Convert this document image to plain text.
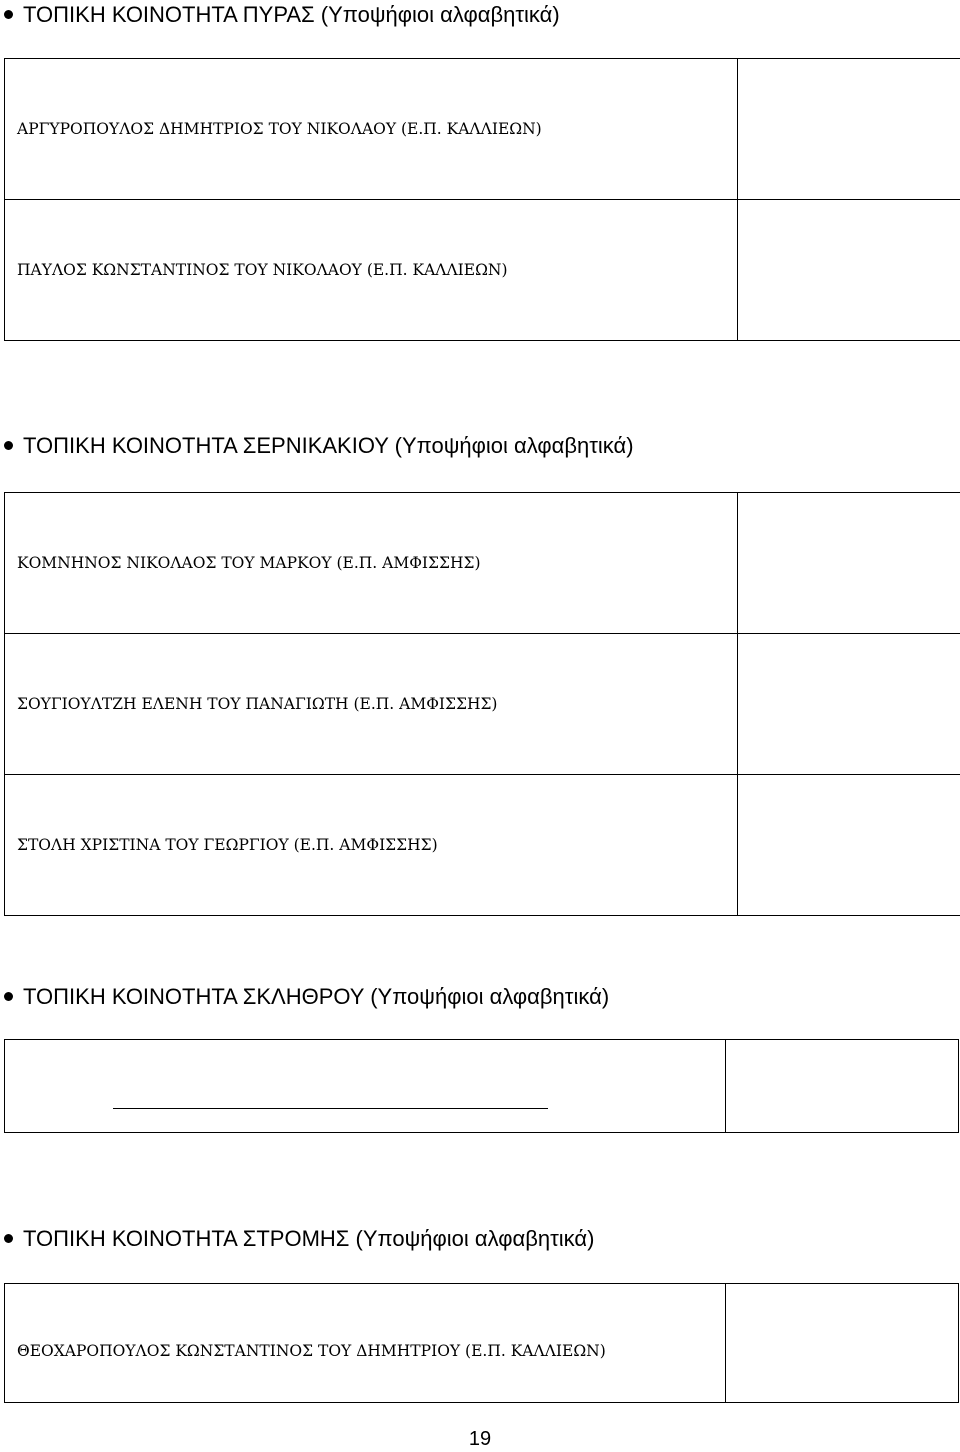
ΤΟΠΙΚΗ ΚΟΙΝΟΤΗΤΑ ΠΥΡΑΣ (Υποψήφιοι αλφαβητικά)
ΑΡΓΥΡΟΠΟΥΛΟΣ ΔΗΜΗΤΡΙΟΣ ΤΟΥ ΝΙΚΟΛΑΟΥ (Ε.Π. ΚΑΛΛΙΕΩΝ)	
ΠΑΥΛΟΣ ΚΩΝΣΤΑΝΤΙΝΟΣ ΤΟΥ ΝΙΚΟΛΑΟΥ (Ε.Π. ΚΑΛΛΙΕΩΝ)	
ΤΟΠΙΚΗ ΚΟΙΝΟΤΗΤΑ ΣΕΡΝΙΚΑΚΙΟΥ (Υποψήφιοι αλφαβητικά)
ΚΟΜΝΗΝΟΣ ΝΙΚΟΛΑΟΣ ΤΟΥ ΜΑΡΚΟΥ (Ε.Π. ΑΜΦΙΣΣΗΣ)	
ΣΟΥΓΙΟΥΛΤΖΗ ΕΛΕΝΗ ΤΟΥ ΠΑΝΑΓΙΩΤΗ (Ε.Π. ΑΜΦΙΣΣΗΣ)	
ΣΤΟΛΗ ΧΡΙΣΤΙΝΑ ΤΟΥ ΓΕΩΡΓΙΟΥ (Ε.Π. ΑΜΦΙΣΣΗΣ)	
ΤΟΠΙΚΗ ΚΟΙΝΟΤΗΤΑ ΣΚΛΗΘΡΟΥ (Υποψήφιοι αλφαβητικά)

ΤΟΠΙΚΗ ΚΟΙΝΟΤΗΤΑ ΣΤΡΟΜΗΣ (Υποψήφιοι αλφαβητικά)
ΘΕΟΧΑΡΟΠΟΥΛΟΣ ΚΩΝΣΤΑΝΤΙΝΟΣ ΤΟΥ ΔΗΜΗΤΡΙΟΥ (Ε.Π. ΚΑΛΛΙΕΩΝ)	
19
